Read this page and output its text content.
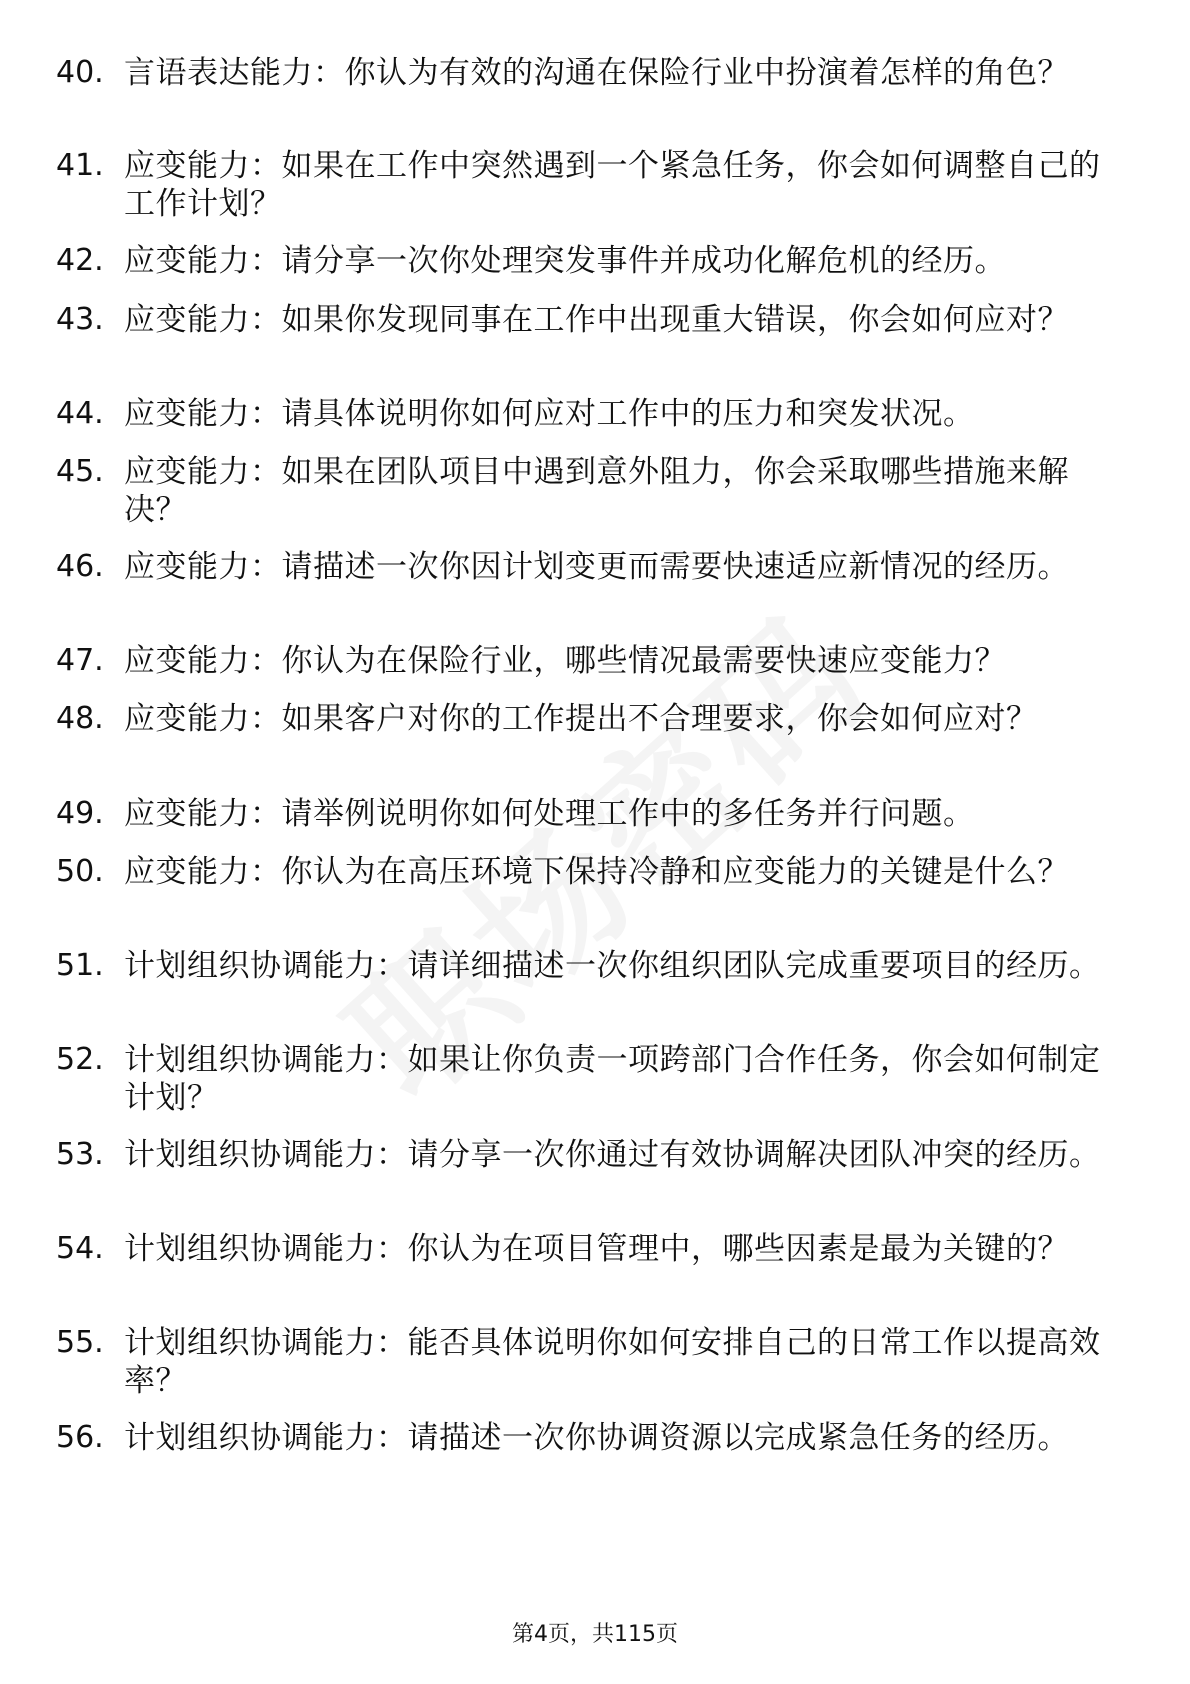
40. 言语表达能力：你认为有效的沟通在保险行业中扮演着怎样的角色？
41. 应变能力：如果在工作中突然遇到一个紧急任务，你会如何调整自己的工作计划？
42. 应变能力：请分享一次你处理突发事件并成功化解危机的经历。
43. 应变能力：如果你发现同事在工作中出现重大错误，你会如何应对？
44. 应变能力：请具体说明你如何应对工作中的压力和突发状况。
45. 应变能力：如果在团队项目中遇到意外阻力，你会采取哪些措施来解决？
46. 应变能力：请描述一次你因计划变更而需要快速适应新情况的经历。
47. 应变能力：你认为在保险行业，哪些情况最需要快速应变能力？
48. 应变能力：如果客户对你的工作提出不合理要求，你会如何应对？
49. 应变能力：请举例说明你如何处理工作中的多任务并行问题。
50. 应变能力：你认为在高压环境下保持冷静和应变能力的关键是什么？
51. 计划组织协调能力：请详细描述一次你组织团队完成重要项目的经历。
52. 计划组织协调能力：如果让你负责一项跨部门合作任务，你会如何制定计划？
53. 计划组织协调能力：请分享一次你通过有效协调解决团队冲突的经历。
54. 计划组织协调能力：你认为在项目管理中，哪些因素是最为关键的？
55. 计划组织协调能力：能否具体说明你如何安排自己的日常工作以提高效率？
56. 计划组织协调能力：请描述一次你协调资源以完成紧急任务的经历。
第4页，共115页
